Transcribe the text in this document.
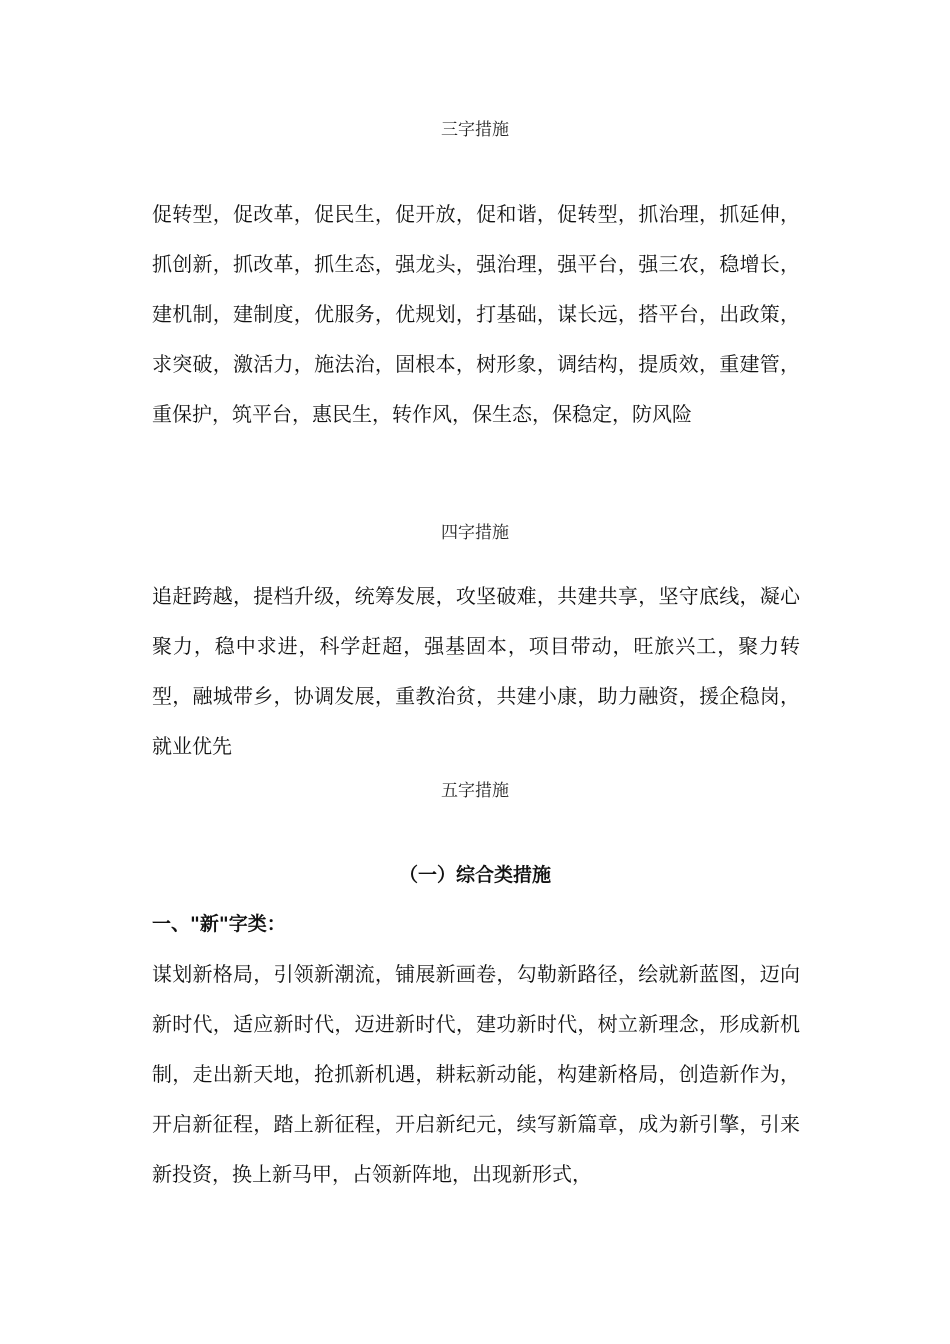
三字措施

促转型，促改革，促民生，促开放，促和谐，促转型，抓治理，抓延伸，抓创新，抓改革，抓生态，强龙头，强治理，强平台，强三农，稳增长，建机制，建制度，优服务，优规划，打基础，谋长远，搭平台，出政策，求突破，激活力，施法治，固根本，树形象，调结构，提质效，重建管，重保护，筑平台，惠民生，转作风，保生态，保稳定，防风险

四字措施

追赶跨越，提档升级，统筹发展，攻坚破难，共建共享，坚守底线，凝心聚力，稳中求进，科学赶超，强基固本，项目带动，旺旅兴工，聚力转型，融城带乡，协调发展，重教治贫，共建小康，助力融资，援企稳岗，就业优先

五字措施
（一）综合类措施
一、"新"字类：

谋划新格局，引领新潮流，铺展新画卷，勾勒新路径，绘就新蓝图，迈向新时代，适应新时代，迈进新时代，建功新时代，树立新理念，形成新机制，走出新天地，抢抓新机遇，耕耘新动能，构建新格局，创造新作为，开启新征程，踏上新征程，开启新纪元，续写新篇章，成为新引擎，引来新投资，换上新马甲，占领新阵地，出现新形式，
